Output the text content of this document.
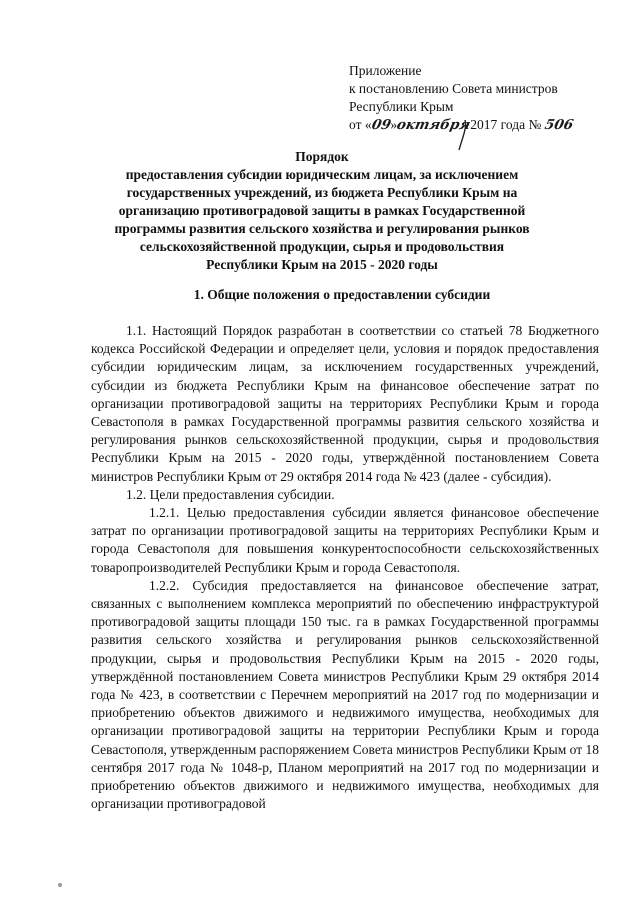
Приложение
к постановлению Совета министров
Республики Крым
от «09»октября2017 года № 506
Порядок
предоставления субсидии юридическим лицам, за исключением
государственных учреждений, из бюджета Республики Крым на
организацию противоградовой защиты в рамках Государственной
программы развития сельского хозяйства и регулирования рынков
сельскохозяйственной продукции, сырья и продовольствия
Республики Крым на 2015 - 2020 годы
1. Общие положения о предоставлении субсидии

1.1. Настоящий Порядок разработан в соответствии со статьей 78 Бюджетного кодекса Российской Федерации и определяет цели, условия и порядок предоставления субсидии юридическим лицам, за исключением государственных учреждений, субсидии из бюджета Республики Крым на финансовое обеспечение затрат по организации противоградовой защиты на территориях Республики Крым и города Севастополя в рамках Государственной программы развития сельского хозяйства и регулирования рынков сельскохозяйственной продукции, сырья и продовольствия Республики Крым на 2015 - 2020 годы, утверждённой постановлением Совета министров Республики Крым от 29 октября 2014 года № 423 (далее - субсидия).

1.2. Цели предоставления субсидии.

1.2.1. Целью предоставления субсидии является финансовое обеспечение затрат по организации противоградовой защиты на территориях Республики Крым и города Севастополя для повышения конкурентоспособности сельскохозяйственных товаропроизводителей Республики Крым и города Севастополя.

1.2.2. Субсидия предоставляется на финансовое обеспечение затрат, связанных с выполнением комплекса мероприятий по обеспечению инфраструктурой противоградовой защиты площади 150 тыс. га в рамках Государственной программы развития сельского хозяйства и регулирования рынков сельскохозяйственной продукции, сырья и продовольствия Республики Крым на 2015 - 2020 годы, утверждённой постановлением Совета министров Республики Крым 29 октября 2014 года № 423, в соответствии с Перечнем мероприятий на 2017 год по модернизации и приобретению объектов движимого и недвижимого имущества, необходимых для организации противоградовой защиты на территории Республики Крым и города Севастополя, утвержденным распоряжением Совета министров Республики Крым от 18 сентября 2017 года № 1048-р, Планом мероприятий на 2017 год по модернизации и приобретению объектов движимого и недвижимого имущества, необходимых для организации противоградовой
